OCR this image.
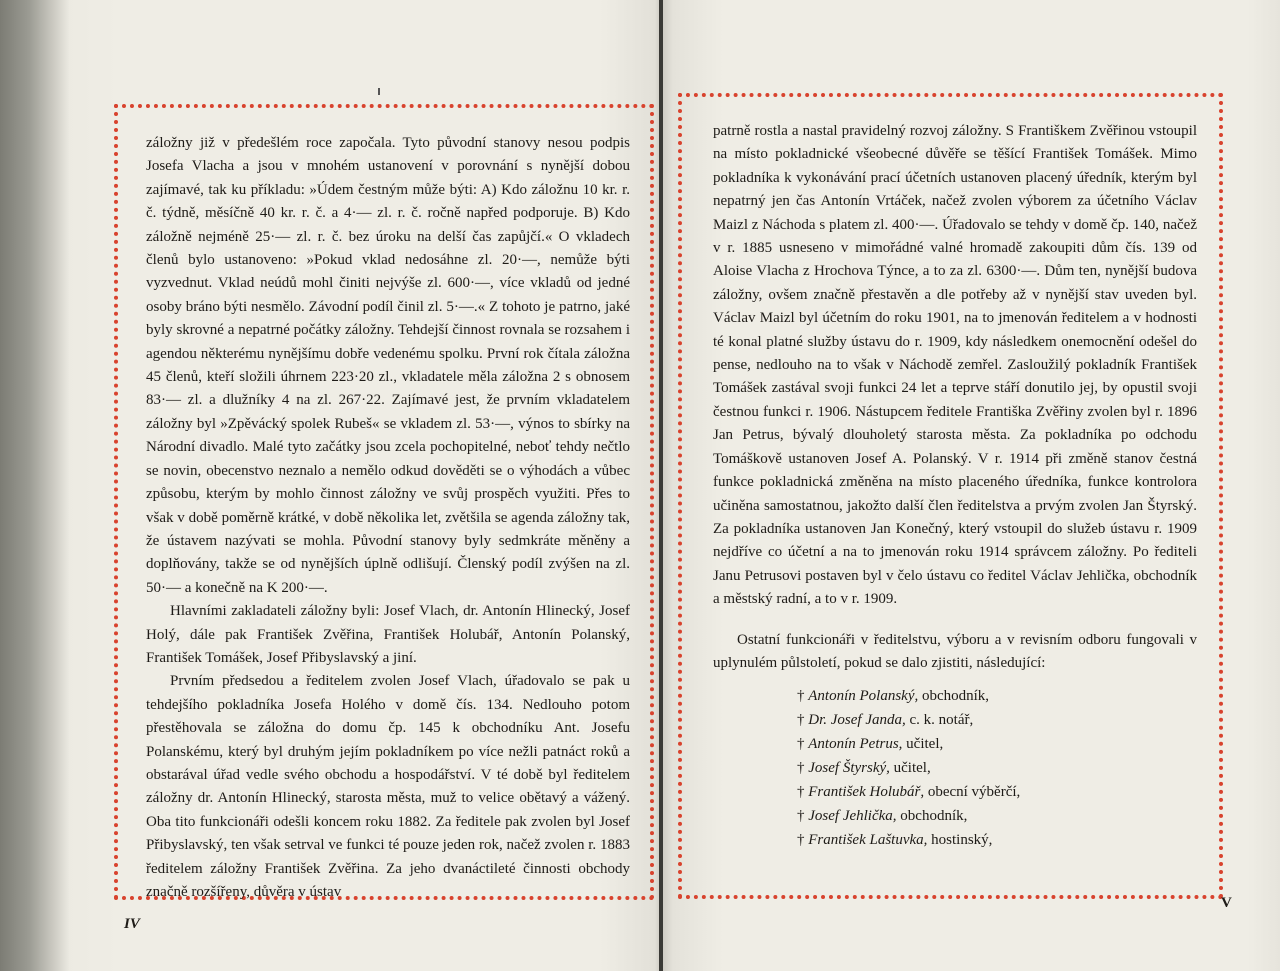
záložny již v předešlém roce započala. Tyto původní stanovy nesou podpis Josefa Vlacha a jsou v mnohém ustanovení v porovnání s nynější dobou zajímavé, tak ku příkladu: »Údem čestným může býti: A) Kdo záložnu 10 kr. r. č. týdně, měsíčně 40 kr. r. č. a 4·— zl. r. č. ročně napřed podporuje. B) Kdo záložně nejméně 25·— zl. r. č. bez úroku na delší čas zapůjčí.« O vkladech členů bylo ustanoveno: »Pokud vklad nedosáhne zl. 20·—, nemůže býti vyzvednut. Vklad neúdů mohl činiti nejvýše zl. 600·—, více vkladů od jedné osoby bráno býti nesmělo. Závodní podíl činil zl. 5·—.« Z tohoto je patrno, jaké byly skrovné a nepatrné počátky záložny. Tehdejší činnost rovnala se rozsahem i agendou některému nynějšímu dobře vedenému spolku. První rok čítala záložna 45 členů, kteří složili úhrnem 223·20 zl., vkladatele měla záložna 2 s obnosem 83·— zl. a dlužníky 4 na zl. 267·22. Zajímavé jest, že prvním vkladatelem záložny byl »Zpěvácký spolek Rubeš« se vkladem zl. 53·—, výnos to sbírky na Národní divadlo. Malé tyto začátky jsou zcela pochopitelné, neboť tehdy nečtlo se novin, obecenstvo neznalo a nemělo odkud dověděti se o výhodách a vůbec způsobu, kterým by mohlo činnost záložny ve svůj prospěch využiti. Přes to však v době poměrně krátké, v době několika let, zvětšila se agenda záložny tak, že ústavem nazývati se mohla. Původní stanovy byly sedmkráte měněny a doplňovány, takže se od nynějších úplně odlišují. Členský podíl zvýšen na zl. 50·— a konečně na K 200·—.

Hlavními zakladateli záložny byli: Josef Vlach, dr. Antonín Hlinecký, Josef Holý, dále pak František Zvěřina, František Holubář, Antonín Polanský, František Tomášek, Josef Přibyslavský a jiní.

Prvním předsedou a ředitelem zvolen Josef Vlach, úřadovalo se pak u tehdejšího pokladníka Josefa Holého v domě čís. 134. Nedlouho potom přestěhovala se záložna do domu čp. 145 k obchodníku Ant. Josefu Polanskému, který byl druhým jejím pokladníkem po více nežli patnáct roků a obstarával úřad vedle svého obchodu a hospodářství. V té době byl ředitelem záložny dr. Antonín Hlinecký, starosta města, muž to velice obětavý a vážený. Oba tito funkcionáři odešli koncem roku 1882. Za ředitele pak zvolen byl Josef Přibyslavský, ten však setrval ve funkci té pouze jeden rok, načež zvolen r. 1883 ředitelem záložny František Zvěřina. Za jeho dvanáctileté činnosti obchody značně rozšířeny, důvěra v ústav

IV

patrně rostla a nastal pravidelný rozvoj záložny. S Františkem Zvěřinou vstoupil na místo pokladnické všeobecné důvěře se těšící František Tomášek. Mimo pokladníka k vykonávání prací účetních ustanoven placený úředník, kterým byl nepatrný jen čas Antonín Vrtáček, načež zvolen výborem za účetního Václav Maizl z Náchoda s platem zl. 400·—. Úřadovalo se tehdy v domě čp. 140, načež v r. 1885 usneseno v mimořádné valné hromadě zakoupiti dům čís. 139 od Aloise Vlacha z Hrochova Týnce, a to za zl. 6300·—. Dům ten, nynější budova záložny, ovšem značně přestavěn a dle potřeby až v nynější stav uveden byl. Václav Maizl byl účetním do roku 1901, na to jmenován ředitelem a v hodnosti té konal platné služby ústavu do r. 1909, kdy následkem onemocnění odešel do pense, nedlouho na to však v Náchodě zemřel. Zasloužilý pokladník František Tomášek zastával svoji funkci 24 let a teprve stáří donutilo jej, by opustil svoji čestnou funkci r. 1906. Nástupcem ředitele Františka Zvěřiny zvolen byl r. 1896 Jan Petrus, bývalý dlouholetý starosta města. Za pokladníka po odchodu Tomáškově ustanoven Josef A. Polanský. V r. 1914 při změně stanov čestná funkce pokladnická změněna na místo placeného úředníka, funkce kontrolora učiněna samostatnou, jakožto další člen ředitelstva a prvým zvolen Jan Štyrský. Za pokladníka ustanoven Jan Konečný, který vstoupil do služeb ústavu r. 1909 nejdříve co účetní a na to jmenován roku 1914 správcem záložny. Po řediteli Janu Petrusovi postaven byl v čelo ústavu co ředitel Václav Jehlička, obchodník a městský radní, a to v r. 1909.

Ostatní funkcionáři v ředitelstvu, výboru a v revisním odboru fungovali v uplynulém půlstoletí, pokud se dalo zjistiti, následující:

† Antonín Polanský, obchodník,
† Dr. Josef Janda, c. k. notář,
† Antonín Petrus, učitel,
† Josef Štyrský, učitel,
† František Holubář, obecní výběrčí,
† Josef Jehlička, obchodník,
† František Laštuvka, hostinský,
V
